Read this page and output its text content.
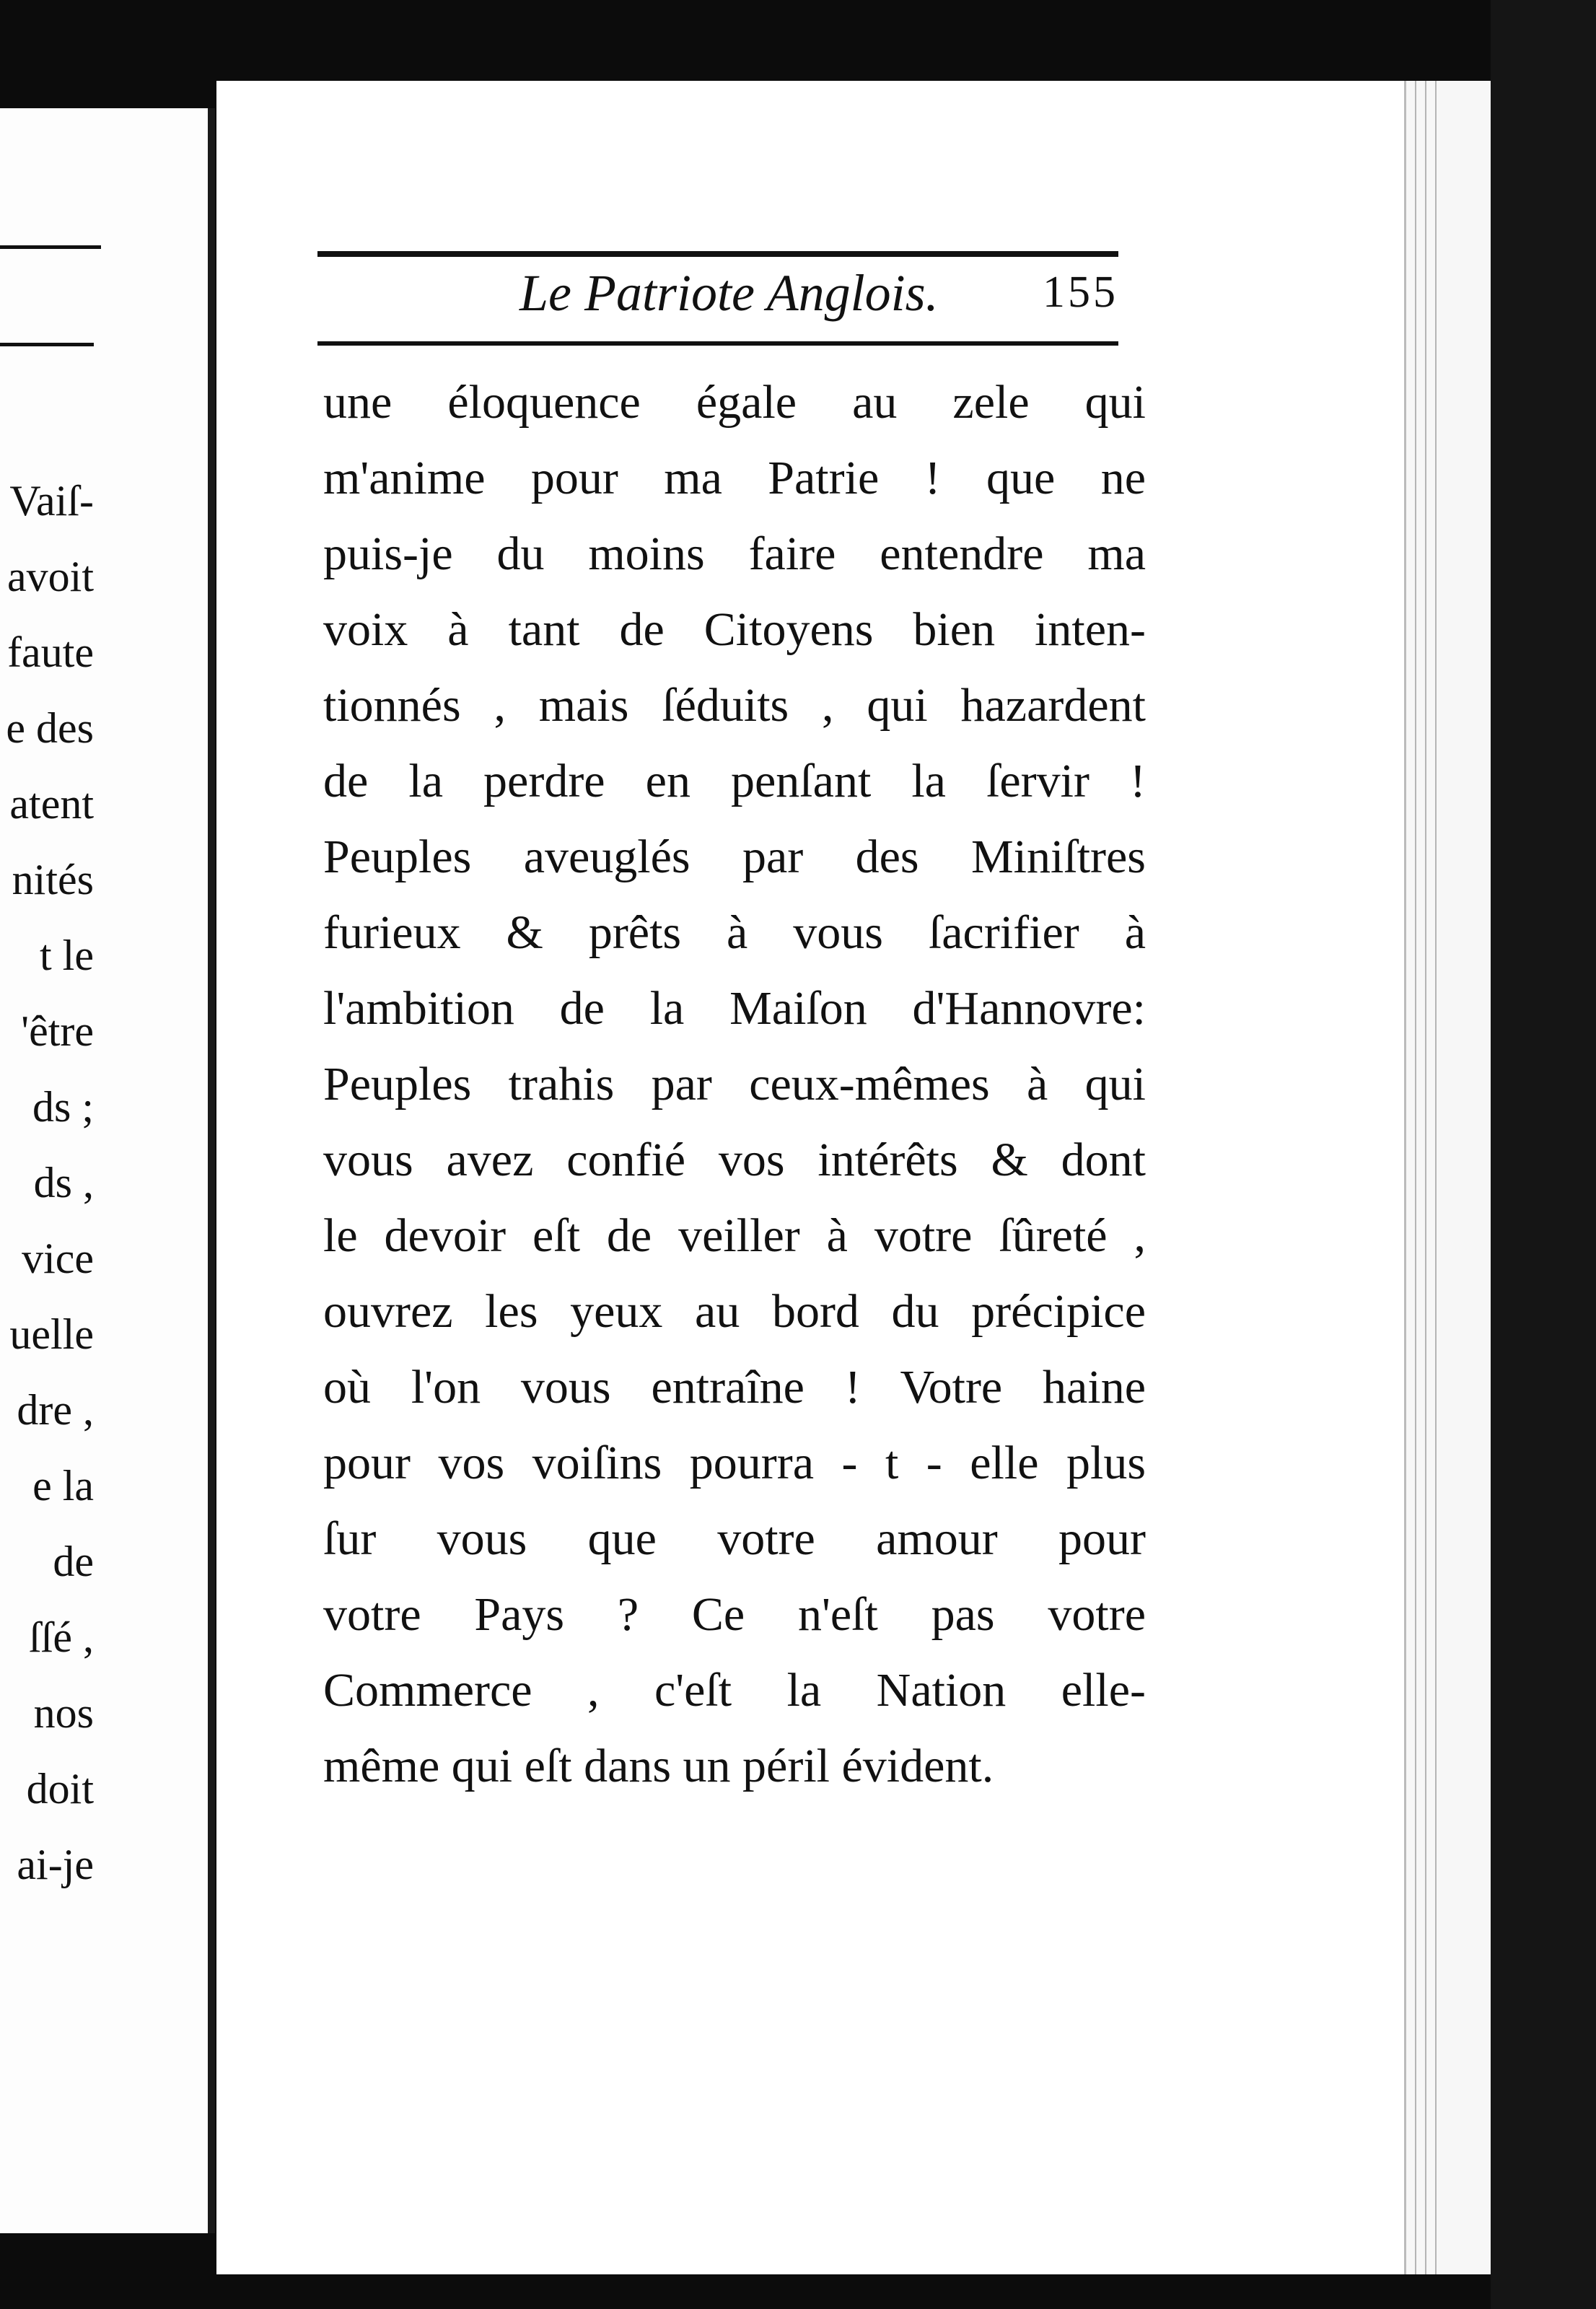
Vaiſ-
avoit
faute
e des
atent
nités
t le
'être
ds ;
ds ,
vice
uelle
dre ,
e la
de
ſſé ,
nos
doit
ai-je
Le Patriote Anglois. 155
une éloquence égale au zele qui
m'anime pour ma Patrie ! que ne
puis-je du moins faire entendre ma
voix à tant de Citoyens bien inten-
tionnés , mais ſéduits , qui hazardent
de la perdre en penſant la ſervir !
Peuples aveuglés par des Miniſtres
furieux & prêts à vous ſacrifier à
l'ambition de la Maiſon d'Hannovre:
Peuples trahis par ceux-mêmes à qui
vous avez confié vos intérêts & dont
le devoir eſt de veiller à votre ſûreté ,
ouvrez les yeux au bord du précipice
où l'on vous entraîne ! Votre haine
pour vos voiſins pourra - t - elle plus
ſur vous que votre amour pour
votre Pays ? Ce n'eſt pas votre
Commerce , c'eſt la Nation elle-
même qui eſt dans un péril évident.
